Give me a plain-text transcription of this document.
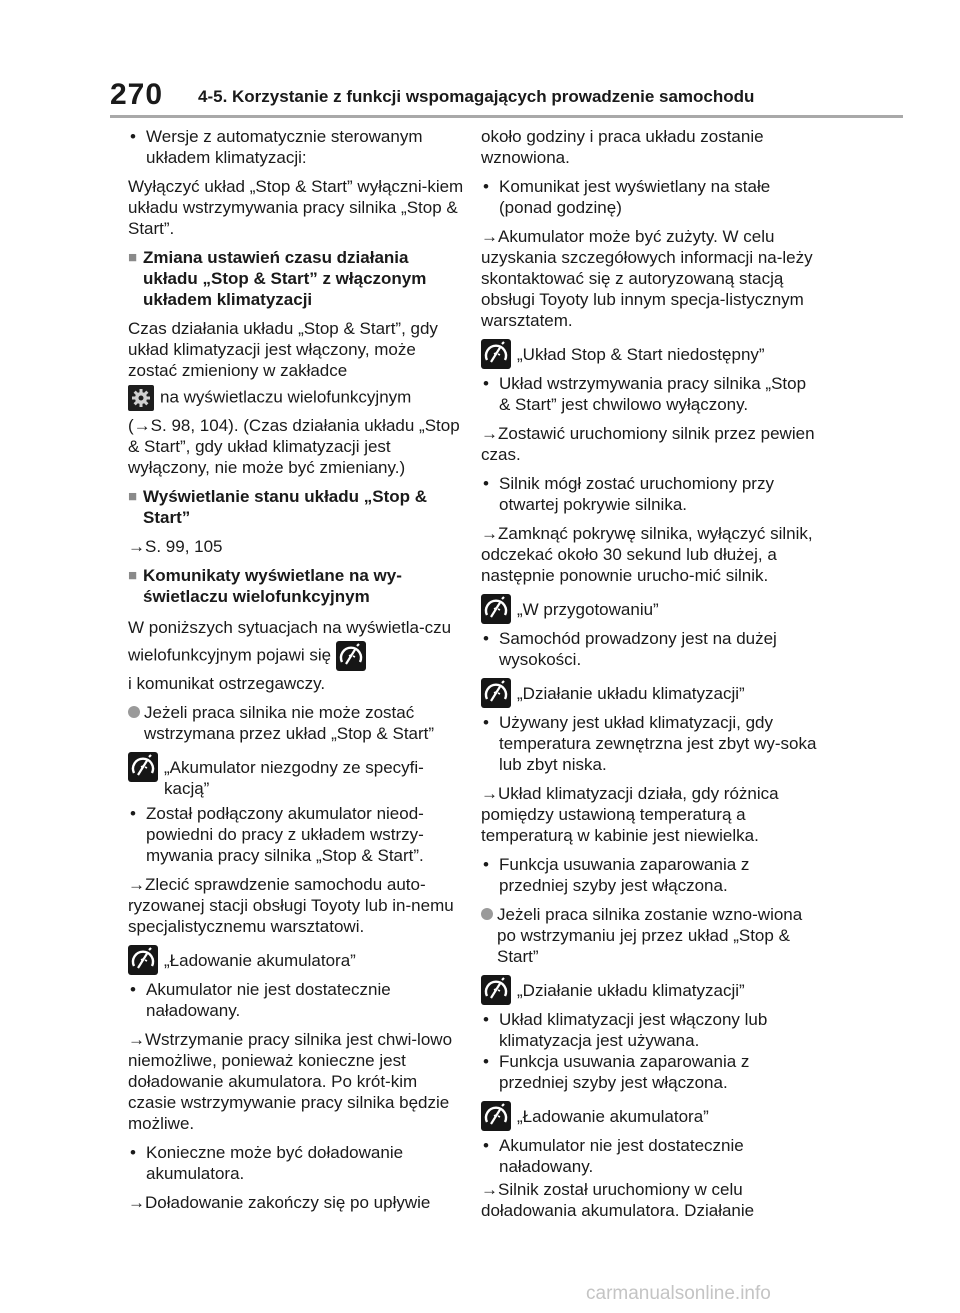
270 4-5. Korzystanie z funkcji wspomagających prowadzenie samochodu
• Wersje z automatycznie sterowanym układem klimatyzacji:

Wyłączyć układ „Stop & Start” wyłączni-kiem układu wstrzymywania pracy silnika „Stop & Start”.

■ Zmiana ustawień czasu działania układu „Stop & Start” z włączonym układem klimatyzacji

Czas działania układu „Stop & Start”, gdy układ klimatyzacji jest włączony, może zostać zmieniony w zakładce

na wyświetlaczu wielofunkcyjnym

(→S. 98, 104). (Czas działania układu „Stop & Start”, gdy układ klimatyzacji jest wyłączony, nie może być zmieniany.)

■ Wyświetlanie stanu układu „Stop & Start”

→S. 99, 105

■ Komunikaty wyświetlane na wy-świetlaczu wielofunkcyjnym

W poniższych sytuacjach na wyświetla-czu wielofunkcyjnym pojawi się

i komunikat ostrzegawczy.

Jeżeli praca silnika nie może zostać wstrzymana przez układ „Stop & Start”
„Akumulator niezgodny ze specyfi-kacją”
• Został podłączony akumulator nieod-powiedni do pracy z układem wstrzy-mywania pracy silnika „Stop & Start”.

→Zlecić sprawdzenie samochodu auto-ryzowanej stacji obsługi Toyoty lub in-nemu specjalistycznemu warsztatowi.

„Ładowanie akumulatora”
• Akumulator nie jest dostatecznie naładowany.

→Wstrzymanie pracy silnika jest chwi-lowo niemożliwe, ponieważ konieczne jest doładowanie akumulatora. Po krót-kim czasie wstrzymywanie pracy silnika będzie możliwe.

• Konieczne może być doładowanie akumulatora.

→Doładowanie zakończy się po upływie

około godziny i praca układu zostanie wznowiona.

• Komunikat jest wyświetlany na stałe (ponad godzinę)

→Akumulator może być zużyty. W celu uzyskania szczegółowych informacji na-leży skontaktować się z autoryzowaną stacją obsługi Toyoty lub innym specja-listycznym warsztatem.

„Układ Stop & Start niedostępny”
• Układ wstrzymywania pracy silnika „Stop & Start” jest chwilowo wyłączony.

→Zostawić uruchomiony silnik przez pewien czas.

• Silnik mógł zostać uruchomiony przy otwartej pokrywie silnika.

→Zamknąć pokrywę silnika, wyłączyć silnik, odczekać około 30 sekund lub dłużej, a następnie ponownie urucho-mić silnik.

„W przygotowaniu”
• Samochód prowadzony jest na dużej wysokości.
„Działanie układu klimatyzacji”
• Używany jest układ klimatyzacji, gdy temperatura zewnętrzna jest zbyt wy-soka lub zbyt niska.

→Układ klimatyzacji działa, gdy różnica pomiędzy ustawioną temperaturą a temperaturą w kabinie jest niewielka.

• Funkcja usuwania zaparowania z przedniej szyby jest włączona.
Jeżeli praca silnika zostanie wzno-wiona po wstrzymaniu jej przez układ „Stop & Start”
„Działanie układu klimatyzacji”
• Układ klimatyzacji jest włączony lub klimatyzacja jest używana.
• Funkcja usuwania zaparowania z przedniej szyby jest włączona.
„Ładowanie akumulatora”
• Akumulator nie jest dostatecznie naładowany.

→Silnik został uruchomiony w celu doładowania akumulatora. Działanie

carmanualsonline.info
